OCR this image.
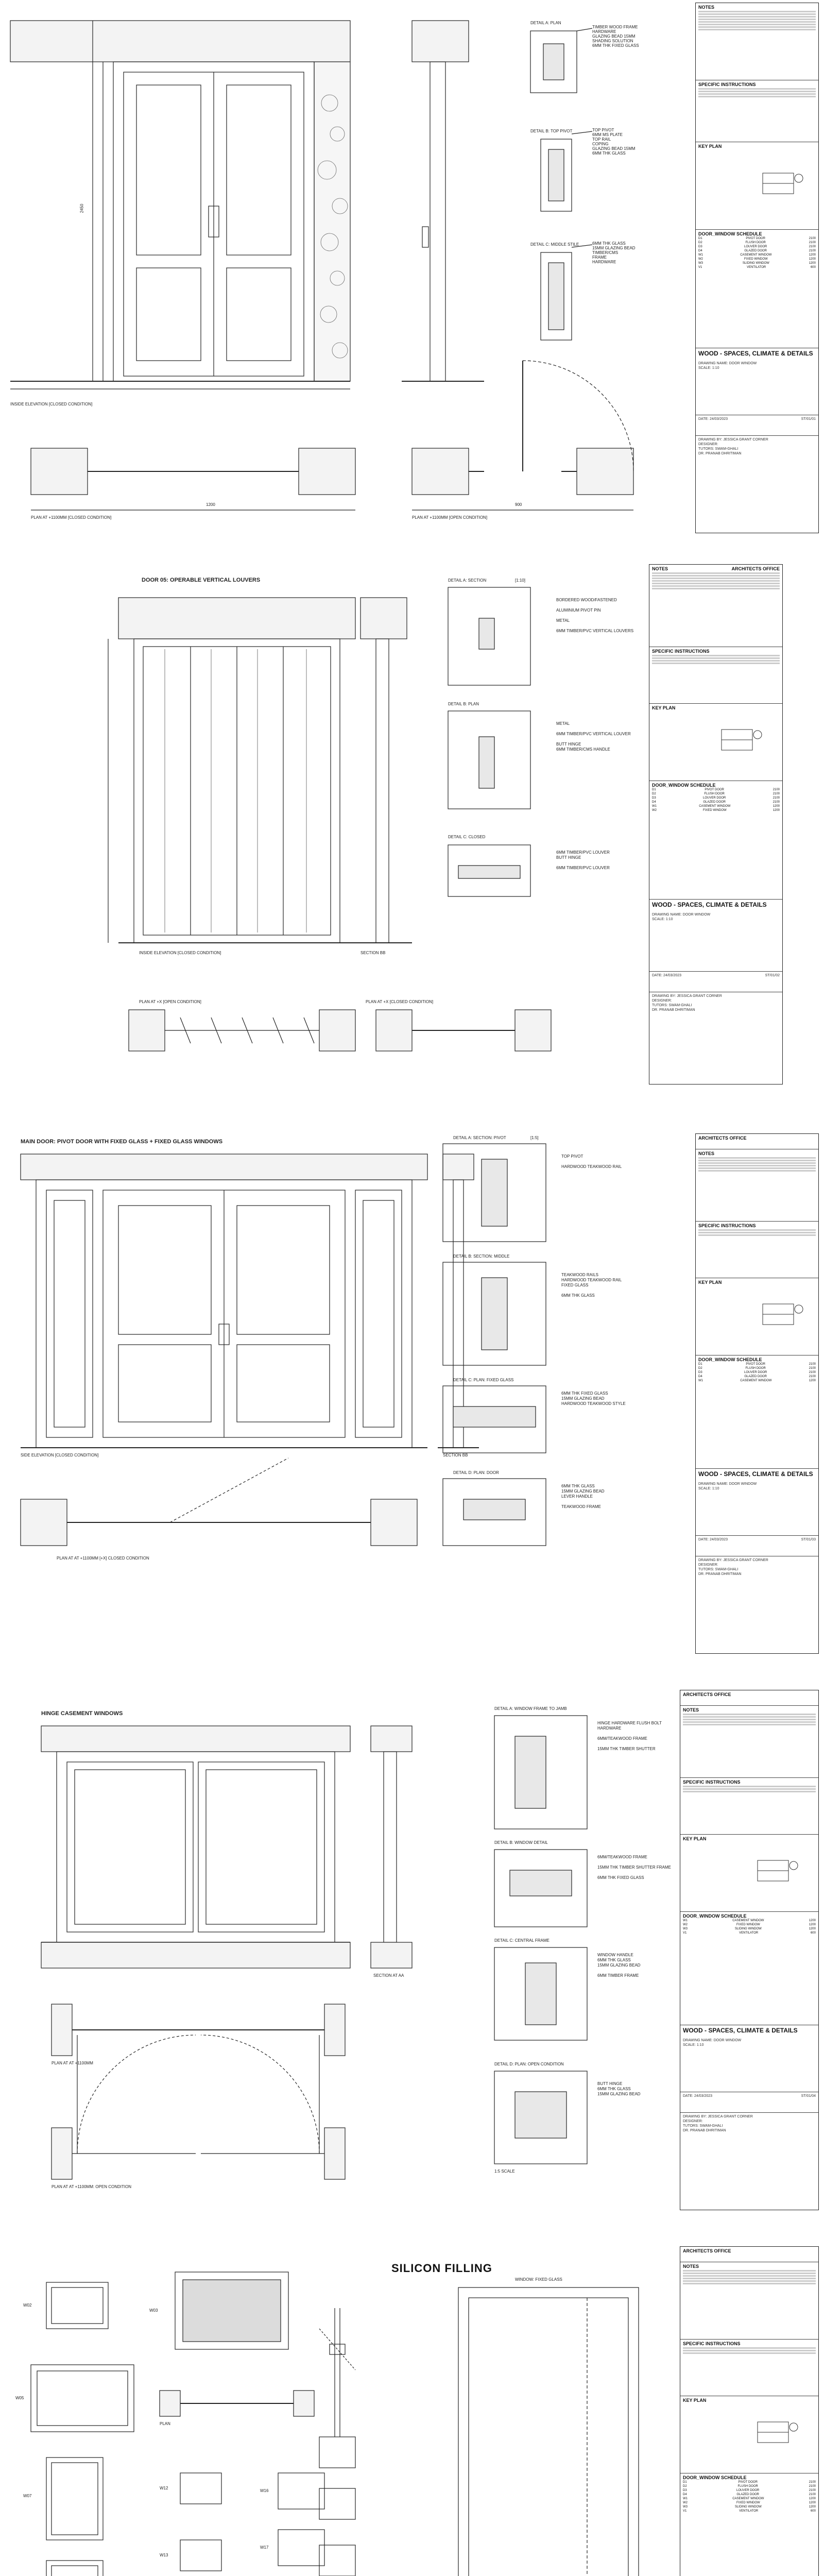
INSIDE ELEVATION [CLOSED CONDITION]
PLAN AT +1100MM [CLOSED CONDITION]	PLAN AT +1100MM [OPEN CONDITION]
DETAIL A: PLAN
DETAIL B: TOP PIVOT
DETAIL C: MIDDLE STILE
TIMBER WOOD FRAME
HARDWARE
GLAZING BEAD 15MM
SHADING SOLUTION
6MM THK FIXED GLASS
TOP PIVOT
6MM MS PLATE
TOP RAIL
COPING
GLAZING BEAD 15MM
6MM THK GLASS
6MM THK GLASS
15MM GLAZING BEAD
TIMBER/CMS
FRAME
HARDWARE
2450
1200	900
NOTES
SPECIFIC INSTRUCTIONS
KEY PLAN
DOOR_WINDOW SCHEDULE
D1	PIVOT DOOR	2100
D2	FLUSH DOOR	2100
D3	LOUVER DOOR	2100
D4	GLAZED DOOR	2100
W1	CASEMENT WINDOW	1200
W2	FIXED WINDOW	1200
W3	SLIDING WINDOW	1200
V1	VENTILATOR	600
WOOD - SPACES, CLIMATE & DETAILS
DRAWING NAME: DOOR WINDOW
SCALE: 1:10
DATE: 24/03/2023	ST/01/01
DRAWING BY: JESSICA GRANT CORNER
DESIGNER:
TUTORS: SWAM-GHALI
DR. PRANAB DHRITIMAN
DOOR 05: OPERABLE VERTICAL LOUVERS
INSIDE ELEVATION [CLOSED CONDITION]	SECTION BB
PLAN AT +X [OPEN CONDITION]	PLAN AT +X [CLOSED CONDITION]
DETAIL A: SECTION	[1:10]
DETAIL B: PLAN
DETAIL C: CLOSED
BORDERED WOOD/FASTENED

ALUMINIUM PIVOT PIN

METAL

6MM TIMBER/PVC VERTICAL LOUVERS
METAL

6MM TIMBER/PVC VERTICAL LOUVER

BUTT HINGE
6MM TIMBER/CMS HANDLE
6MM TIMBER/PVC LOUVER
BUTT HINGE

6MM TIMBER/PVC LOUVER
NOTES	ARCHITECTS OFFICE
SPECIFIC INSTRUCTIONS
KEY PLAN
DOOR_WINDOW SCHEDULE
D1	PIVOT DOOR	2100
D2	FLUSH DOOR	2100
D3	LOUVER DOOR	2100
D4	GLAZED DOOR	2100
W1	CASEMENT WINDOW	1200
W2	FIXED WINDOW	1200
WOOD - SPACES, CLIMATE & DETAILS
DRAWING NAME: DOOR WINDOW
SCALE: 1:10
DATE: 24/03/2023	ST/01/02
DRAWING BY: JESSICA GRANT CORNER
DESIGNER:
TUTORS: SWAM-GHALI
DR. PRANAB DHRITIMAN
MAIN DOOR: PIVOT DOOR WITH FIXED GLASS + FIXED GLASS WINDOWS
SIDE ELEVATION [CLOSED CONDITION]	SECTION BB
PLAN AT AT +1100MM [+X] CLOSED CONDITION
DETAIL A: SECTION: PIVOT
DETAIL B: SECTION: MIDDLE
DETAIL C: PLAN: FIXED GLASS
DETAIL D: PLAN: DOOR
[1:5]
TOP PIVOT

HARDWOOD TEAKWOOD RAIL
TEAKWOOD RAILS
HARDWOOD TEAKWOOD RAIL
FIXED GLASS

6MM THK GLASS
6MM THK FIXED GLASS
15MM GLAZING BEAD
HARDWOOD TEAKWOOD STYLE
6MM THK GLASS
15MM GLAZING BEAD
LEVER HANDLE

TEAKWOOD FRAME
ARCHITECTS OFFICE
NOTES
SPECIFIC INSTRUCTIONS
KEY PLAN
DOOR_WINDOW SCHEDULE
D1	PIVOT DOOR	2100
D2	FLUSH DOOR	2100
D3	LOUVER DOOR	2100
D4	GLAZED DOOR	2100
W1	CASEMENT WINDOW	1200
WOOD - SPACES, CLIMATE & DETAILS
DRAWING NAME: DOOR WINDOW
SCALE: 1:10
DATE: 24/03/2023	ST/01/03
DRAWING BY: JESSICA GRANT CORNER
DESIGNER:
TUTORS: SWAM-GHALI
DR. PRANAB DHRITIMAN
HINGE CASEMENT WINDOWS
SECTION AT AA
PLAN AT AT +1100MM
PLAN AT AT +1100MM: OPEN CONDITION
DETAIL A: WINDOW FRAME TO JAMB
DETAIL B: WINDOW DETAIL
DETAIL C: CENTRAL FRAME
DETAIL D: PLAN: OPEN CONDITION
1:5 SCALE
HINGE HARDWARE FLUSH BOLT
HARDWARE

6MM/TEAKWOOD FRAME

15MM THK TIMBER SHUTTER
6MM/TEAKWOOD FRAME

15MM THK TIMBER SHUTTER FRAME

6MM THK FIXED GLASS
WINDOW HANDLE
6MM THK GLASS
15MM GLAZING BEAD

6MM TIMBER FRAME
BUTT HINGE
6MM THK GLASS
15MM GLAZING BEAD
ARCHITECTS OFFICE
NOTES
SPECIFIC INSTRUCTIONS
KEY PLAN
DOOR_WINDOW SCHEDULE
W1	CASEMENT WINDOW	1200
W2	FIXED WINDOW	1200
W3	SLIDING WINDOW	1200
V1	VENTILATOR	600
WOOD - SPACES, CLIMATE & DETAILS
DRAWING NAME: DOOR WINDOW
SCALE: 1:10
DATE: 24/03/2023	ST/01/04
DRAWING BY: JESSICA GRANT CORNER
DESIGNER:
TUTORS: SWAM-GHALI
DR. PRANAB DHRITIMAN
SILICON FILLING
WINDOW: FIXED GLASS
PLAN
W02
W03
W05
W07
W12
W13
W16
W17
ARCHITECTS OFFICE
NOTES
SPECIFIC INSTRUCTIONS
KEY PLAN
DOOR_WINDOW SCHEDULE
D1	PIVOT DOOR	2100
D2	FLUSH DOOR	2100
D3	LOUVER DOOR	2100
D4	GLAZED DOOR	2100
W1	CASEMENT WINDOW	1200
W2	FIXED WINDOW	1200
W3	SLIDING WINDOW	1200
V1	VENTILATOR	600
